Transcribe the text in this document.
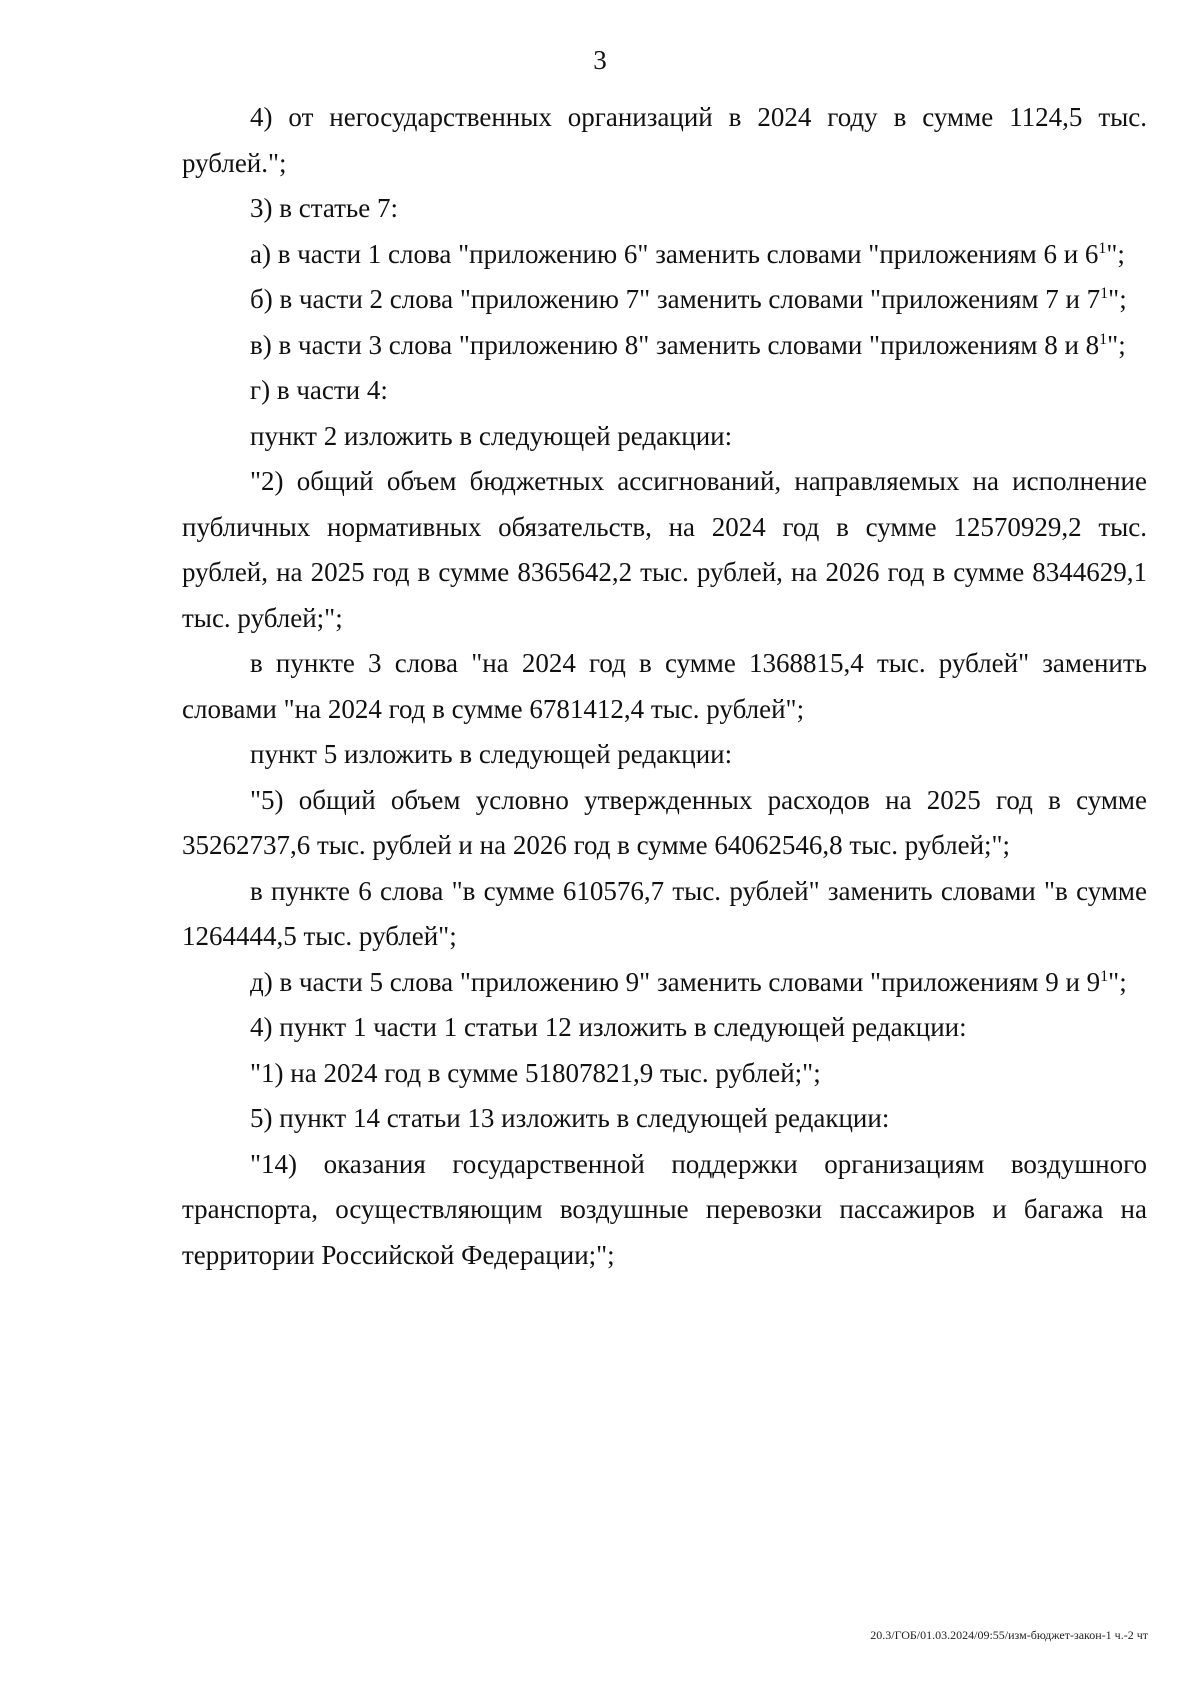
3

4) от негосударственных организаций в 2024 году в сумме 1124,5 тыс. рублей.";

3) в статье 7:

а) в части 1 слова "приложению 6" заменить словами "приложениям 6 и $6^1$";

б) в части 2 слова "приложению 7" заменить словами "приложениям 7 и $7^1$";

в) в части 3 слова "приложению 8" заменить словами "приложениям 8 и $8^1$";

г) в части 4:

пункт 2 изложить в следующей редакции:

"2) общий объем бюджетных ассигнований, направляемых на исполнение публичных нормативных обязательств, на 2024 год в сумме 12570929,2 тыс. рублей, на 2025 год в сумме 8365642,2 тыс. рублей, на 2026 год в сумме 8344629,1 тыс. рублей;";

в пункте 3 слова "на 2024 год в сумме 1368815,4 тыс. рублей" заменить словами "на 2024 год в сумме 6781412,4 тыс. рублей";

пункт 5 изложить в следующей редакции:

"5) общий объем условно утвержденных расходов на 2025 год в сумме 35262737,6 тыс. рублей и на 2026 год в сумме 64062546,8 тыс. рублей;";

в пункте 6 слова "в сумме 610576,7 тыс. рублей" заменить словами "в сумме 1264444,5 тыс. рублей";

д) в части 5 слова "приложению 9" заменить словами "приложениям 9 и $9^1$";

4) пункт 1 части 1 статьи 12 изложить в следующей редакции:

"1) на 2024 год в сумме 51807821,9 тыс. рублей;";

5) пункт 14 статьи 13 изложить в следующей редакции:

"14) оказания государственной поддержки организациям воздушного транспорта, осуществляющим воздушные перевозки пассажиров и багажа на территории Российской Федерации;";

20.3/ГОБ/01.03.2024/09:55/изм-бюджет-закон-1 ч.-2 чт
